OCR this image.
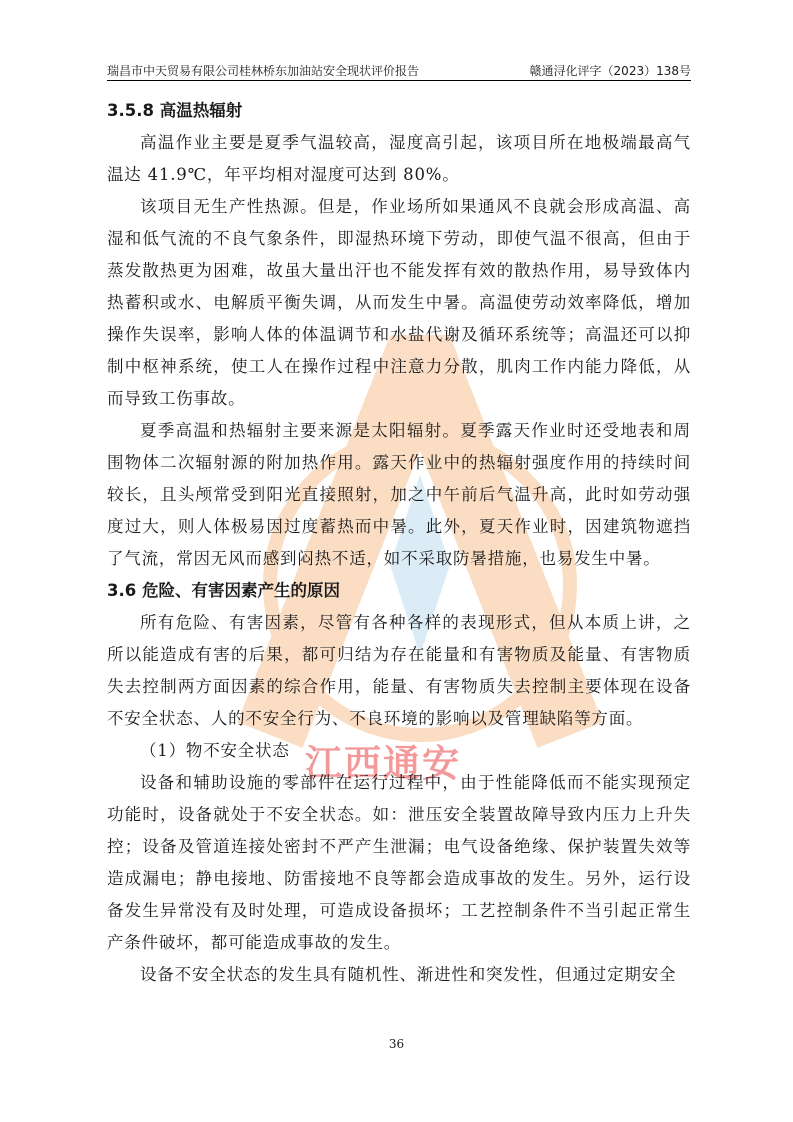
瑞昌市中天贸易有限公司桂林桥东加油站安全现状评价报告	赣通浔化评字（2023）138号
江西通安
3.5.8 高温热辐射

高温作业主要是夏季气温较高，湿度高引起，该项目所在地极端最高气温达 41.9℃，年平均相对湿度可达到 80%。

该项目无生产性热源。但是，作业场所如果通风不良就会形成高温、高湿和低气流的不良气象条件，即湿热环境下劳动，即使气温不很高，但由于蒸发散热更为困难，故虽大量出汗也不能发挥有效的散热作用，易导致体内热蓄积或水、电解质平衡失调，从而发生中暑。高温使劳动效率降低，增加操作失误率，影响人体的体温调节和水盐代谢及循环系统等；高温还可以抑制中枢神系统，使工人在操作过程中注意力分散，肌肉工作内能力降低，从而导致工伤事故。

夏季高温和热辐射主要来源是太阳辐射。夏季露天作业时还受地表和周围物体二次辐射源的附加热作用。露天作业中的热辐射强度作用的持续时间较长，且头颅常受到阳光直接照射，加之中午前后气温升高，此时如劳动强度过大，则人体极易因过度蓄热而中暑。此外，夏天作业时，因建筑物遮挡了气流，常因无风而感到闷热不适，如不采取防暑措施，也易发生中暑。

3.6 危险、有害因素产生的原因

所有危险、有害因素，尽管有各种各样的表现形式，但从本质上讲，之所以能造成有害的后果，都可归结为存在能量和有害物质及能量、有害物质失去控制两方面因素的综合作用，能量、有害物质失去控制主要体现在设备不安全状态、人的不安全行为、不良环境的影响以及管理缺陷等方面。

（1）物不安全状态

设备和辅助设施的零部件在运行过程中，由于性能降低而不能实现预定功能时，设备就处于不安全状态。如：泄压安全装置故障导致内压力上升失控；设备及管道连接处密封不严产生泄漏；电气设备绝缘、保护装置失效等造成漏电；静电接地、防雷接地不良等都会造成事故的发生。另外，运行设备发生异常没有及时处理，可造成设备损坏；工艺控制条件不当引起正常生产条件破坏，都可能造成事故的发生。

设备不安全状态的发生具有随机性、渐进性和突发性，但通过定期安全

36
